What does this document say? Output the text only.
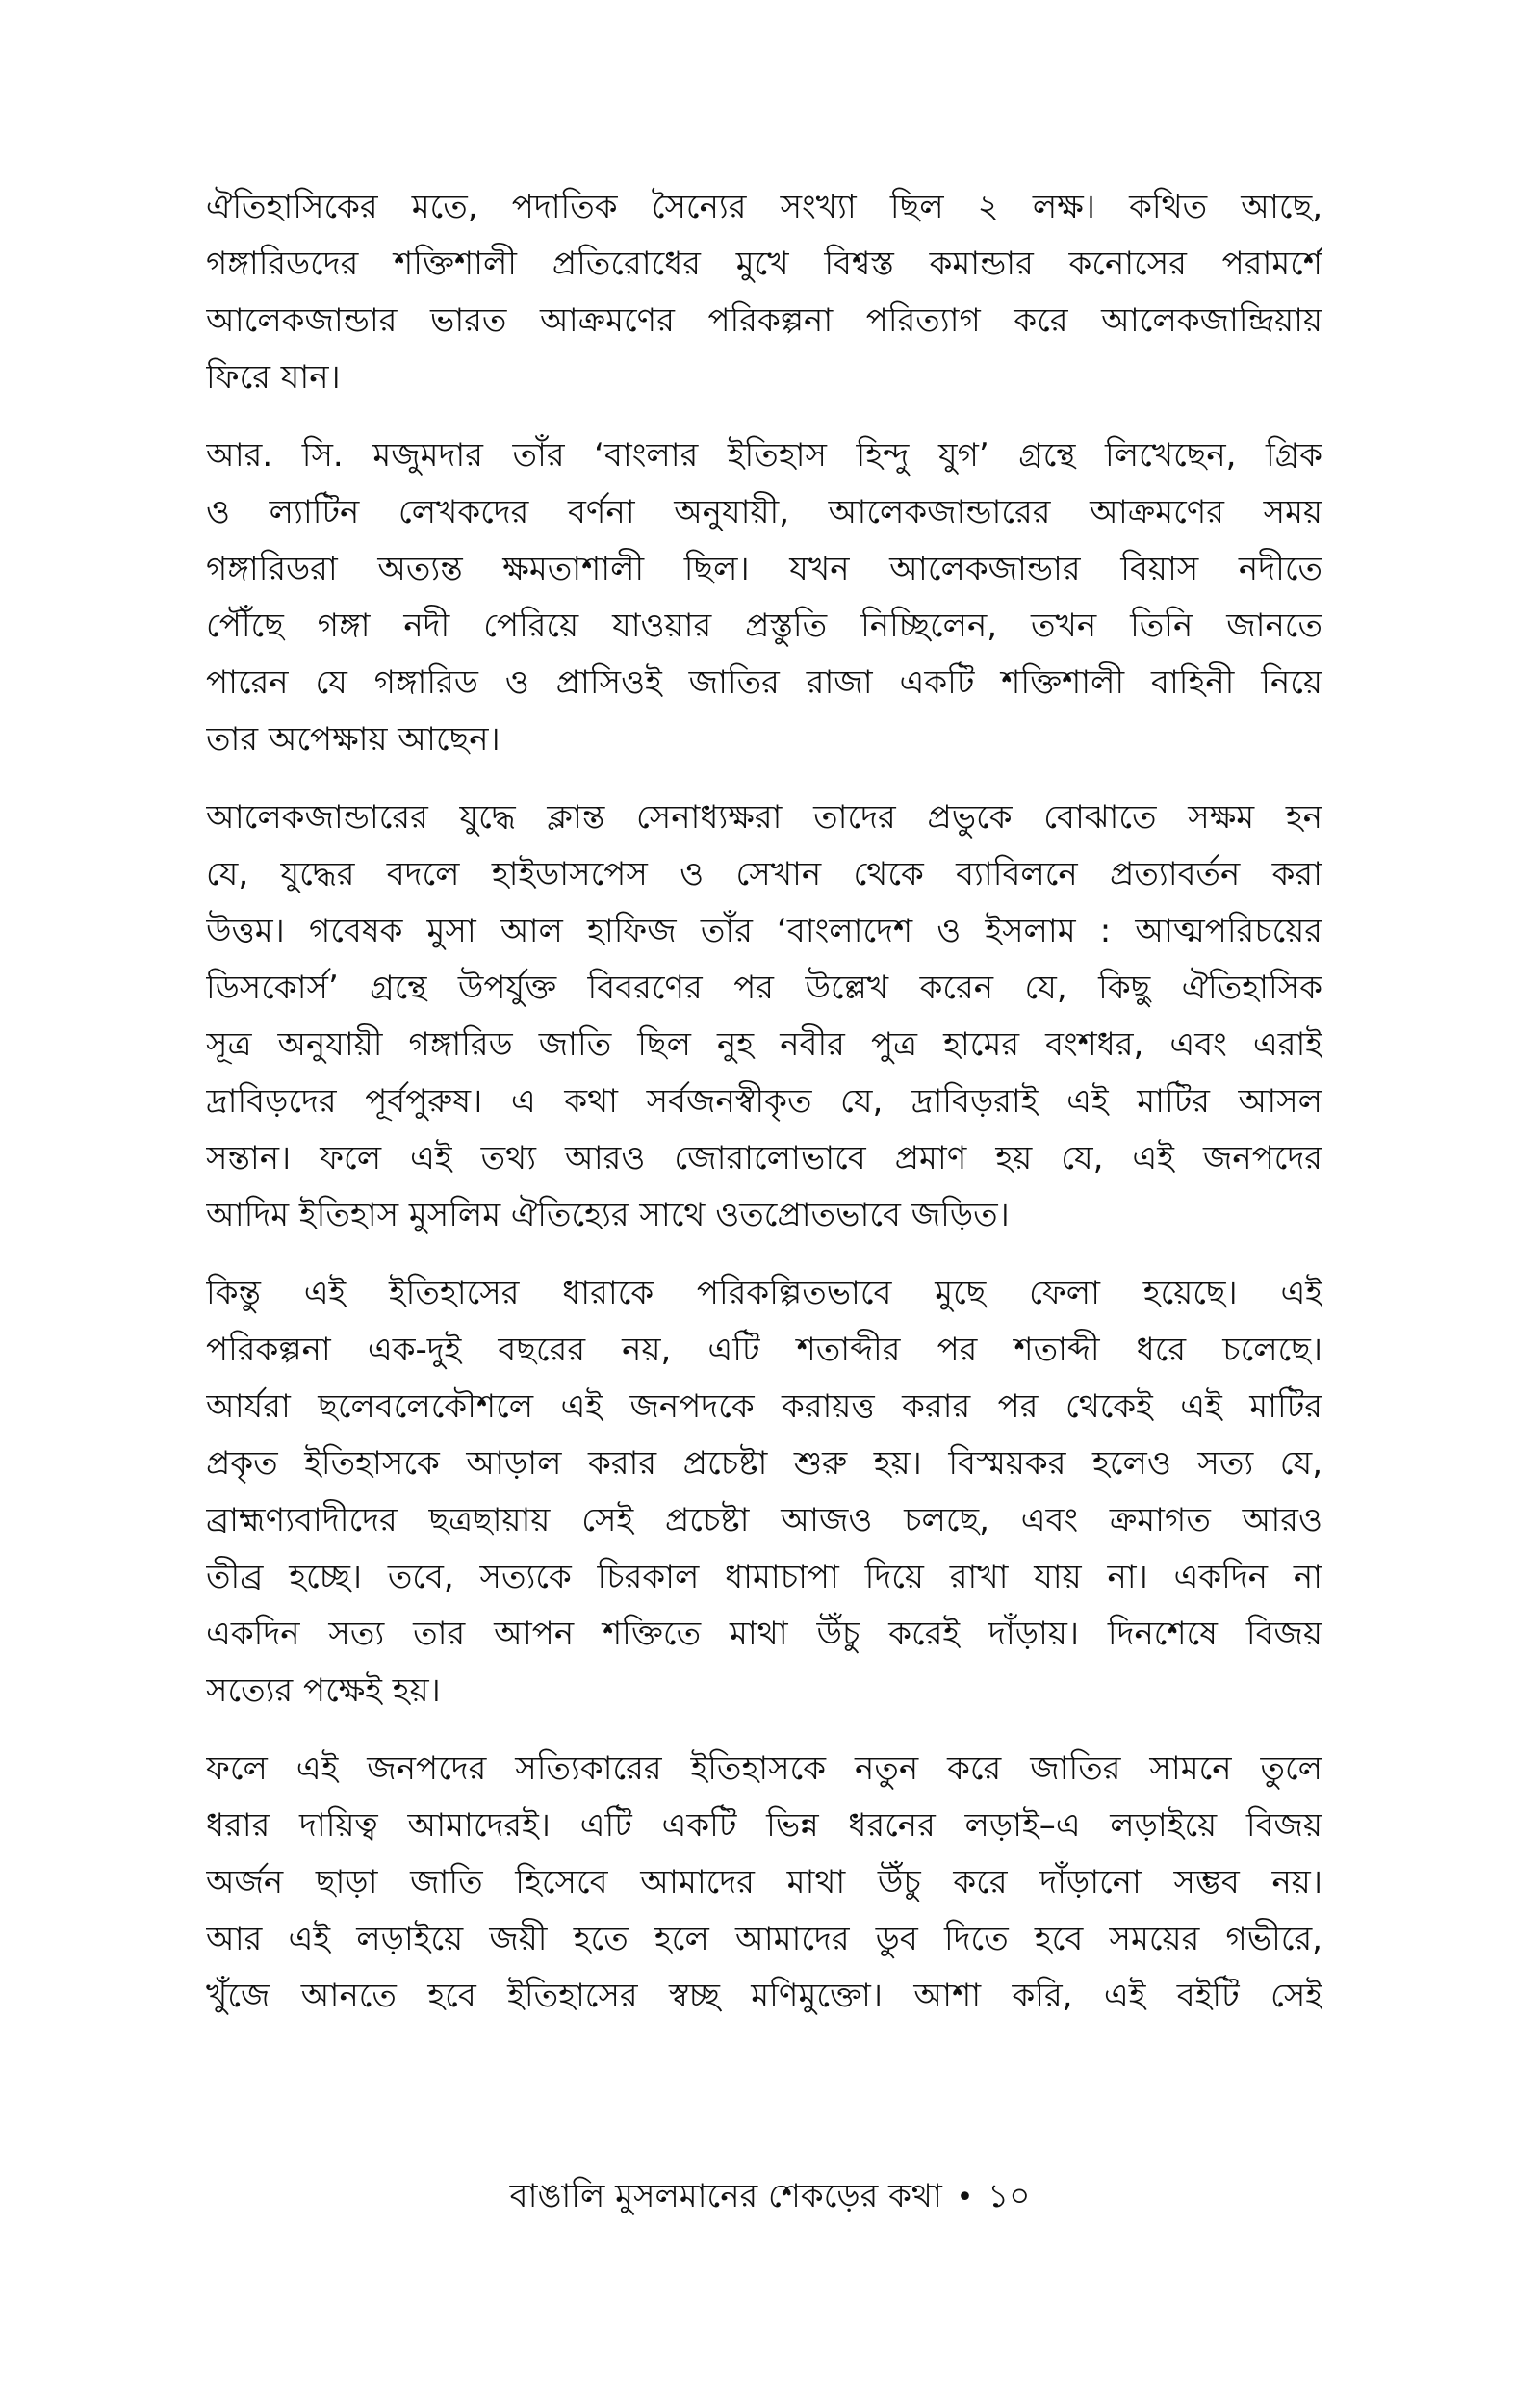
ঐতিহাসিকের মতে, পদাতিক সৈন্যের সংখ্যা ছিল ২ লক্ষ। কথিত আছে,
গঙ্গারিডদের শক্তিশালী প্রতিরোধের মুখে বিশ্বস্ত কমান্ডার কনোসের পরামর্শে
আলেকজান্ডার ভারত আক্রমণের পরিকল্পনা পরিত্যাগ করে আলেকজান্দ্রিয়ায়
ফিরে যান।

আর. সি. মজুমদার তাঁর ‘বাংলার ইতিহাস হিন্দু যুগ’ গ্রন্থে লিখেছেন, গ্রিক
ও ল্যাটিন লেখকদের বর্ণনা অনুযায়ী, আলেকজান্ডারের আক্রমণের সময়
গঙ্গারিডরা অত্যন্ত ক্ষমতাশালী ছিল। যখন আলেকজান্ডার বিয়াস নদীতে
পৌঁছে গঙ্গা নদী পেরিয়ে যাওয়ার প্রস্তুতি নিচ্ছিলেন, তখন তিনি জানতে
পারেন যে গঙ্গারিড ও প্রাসিওই জাতির রাজা একটি শক্তিশালী বাহিনী নিয়ে
তার অপেক্ষায় আছেন।

আলেকজান্ডারের যুদ্ধে ক্লান্ত সেনাধ্যক্ষরা তাদের প্রভুকে বোঝাতে সক্ষম হন
যে, যুদ্ধের বদলে হাইডাসপেস ও সেখান থেকে ব্যাবিলনে প্রত্যাবর্তন করা
উত্তম। গবেষক মুসা আল হাফিজ তাঁর ‘বাংলাদেশ ও ইসলাম : আত্মপরিচয়ের
ডিসকোর্স’ গ্রন্থে উপর্যুক্ত বিবরণের পর উল্লেখ করেন যে, কিছু ঐতিহাসিক
সূত্র অনুযায়ী গঙ্গারিড জাতি ছিল নুহ নবীর পুত্র হামের বংশধর, এবং এরাই
দ্রাবিড়দের পূর্বপুরুষ। এ কথা সর্বজনস্বীকৃত যে, দ্রাবিড়রাই এই মাটির আসল
সন্তান। ফলে এই তথ্য আরও জোরালোভাবে প্রমাণ হয় যে, এই জনপদের
আদিম ইতিহাস মুসলিম ঐতিহ্যের সাথে ওতপ্রোতভাবে জড়িত।

কিন্তু এই ইতিহাসের ধারাকে পরিকল্পিতভাবে মুছে ফেলা হয়েছে। এই
পরিকল্পনা এক-দুই বছরের নয়, এটি শতাব্দীর পর শতাব্দী ধরে চলেছে।
আর্যরা ছলেবলেকৌশলে এই জনপদকে করায়ত্ত করার পর থেকেই এই মাটির
প্রকৃত ইতিহাসকে আড়াল করার প্রচেষ্টা শুরু হয়। বিস্ময়কর হলেও সত্য যে,
ব্রাহ্মণ্যবাদীদের ছত্রছায়ায় সেই প্রচেষ্টা আজও চলছে, এবং ক্রমাগত আরও
তীব্র হচ্ছে। তবে, সত্যকে চিরকাল ধামাচাপা দিয়ে রাখা যায় না। একদিন না
একদিন সত্য তার আপন শক্তিতে মাথা উঁচু করেই দাঁড়ায়। দিনশেষে বিজয়
সত্যের পক্ষেই হয়।

ফলে এই জনপদের সত্যিকারের ইতিহাসকে নতুন করে জাতির সামনে তুলে
ধরার দায়িত্ব আমাদেরই। এটি একটি ভিন্ন ধরনের লড়াই–এ লড়াইয়ে বিজয়
অর্জন ছাড়া জাতি হিসেবে আমাদের মাথা উঁচু করে দাঁড়ানো সম্ভব নয়।
আর এই লড়াইয়ে জয়ী হতে হলে আমাদের ডুব দিতে হবে সময়ের গভীরে,
খুঁজে আনতে হবে ইতিহাসের স্বচ্ছ মণিমুক্তো। আশা করি, এই বইটি সেই

বাঙালি মুসলমানের শেকড়ের কথা • ১০
